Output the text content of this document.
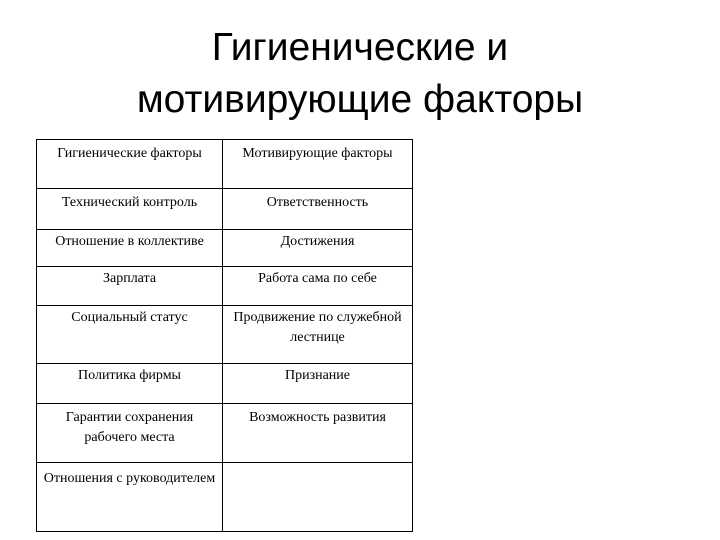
Гигиенические и
мотивирующие факторы
Гигиенические факторы	Мотивирующие факторы
Технический контроль	Ответственность
Отношение в коллективе	Достижения
Зарплата	Работа сама по себе
Социальный статус	Продвижение по служебной лестнице
Политика фирмы	Признание
Гарантии сохранения рабочего места	Возможность развития
Отношения с руководителем	
